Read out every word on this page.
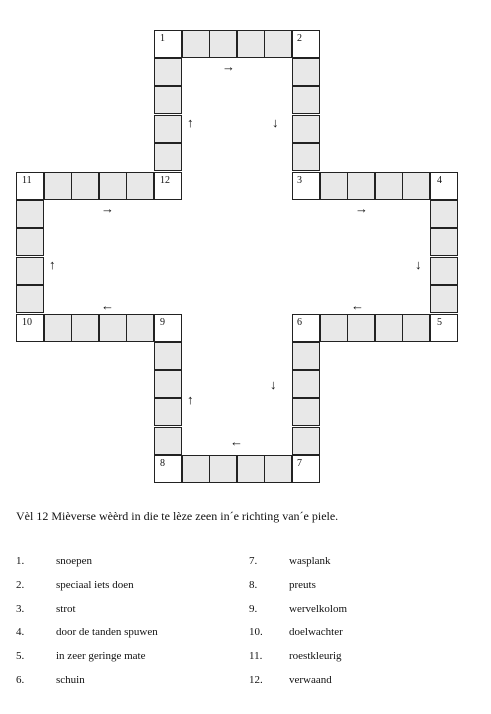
1	2
3	4
5
6
7
8
9
10
11	12
→
↑	↓
→
↑
←
→
↓
←
↓
↑
←
Vèl 12 Mièverse wèèrd in die te lèze zeen in´e richting van´e piele.
1.	snoepen
2.	speciaal iets doen
3.	strot
4.	door de tanden spuwen
5.	in zeer geringe mate
6.	schuin
7.	wasplank
8.	preuts
9.	wervelkolom
10. doelwachter
11. roestkleurig
12. verwaand
